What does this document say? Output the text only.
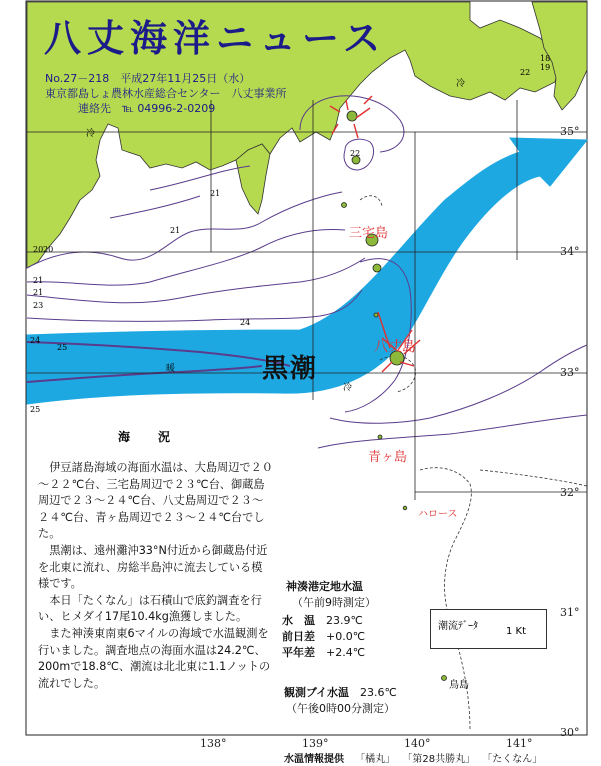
八丈海洋ニュース
No.27－218　平成27年11月25日（水）
東京都島しょ農林水産総合センター　八丈事業所
連絡先　℡ 04996-2-0209
35°
34°
33°
32°
31°
30°
138°	139°	140°	141°
黒潮
三宅島
八丈島
青ヶ島
ハロース
鳥島
20
21
21
21
23
24
25
25
24
22
22
20
21
19
18
冷
冷
冷
暖
海　況

伊豆諸島海域の海面水温は、大島周辺で２０～２２℃台、三宅島周辺で２３℃台、御蔵島周辺で２３～２４℃台、八丈島周辺で２３～２４℃台、青ヶ島周辺で２３～２４℃台でした。

黒潮は、遠州灘沖33°N付近から御蔵島付近を北東に流れ、房総半島沖に流去している模様です。

本日「たくなん」は石積山で底釣調査を行い、ヒメダイ17尾10.4kg漁獲しました。

また神湊東南東6マイルの海域で水温観測を行いました。調査地点の海面水温は24.2℃、200mで18.8℃、潮流は北北東に1.1ノットの流れでした。

神湊港定地水温
（午前9時測定）
水　温 23.9℃
前日差 +0.0℃
平年差 +2.4℃
観測ブイ水温　 23.6℃
（午後0時00分測定）
潮流ﾃﾞｰﾀ	1 Kt
水温情報提供 「橘丸」 「第28共勝丸」 「たくなん」
